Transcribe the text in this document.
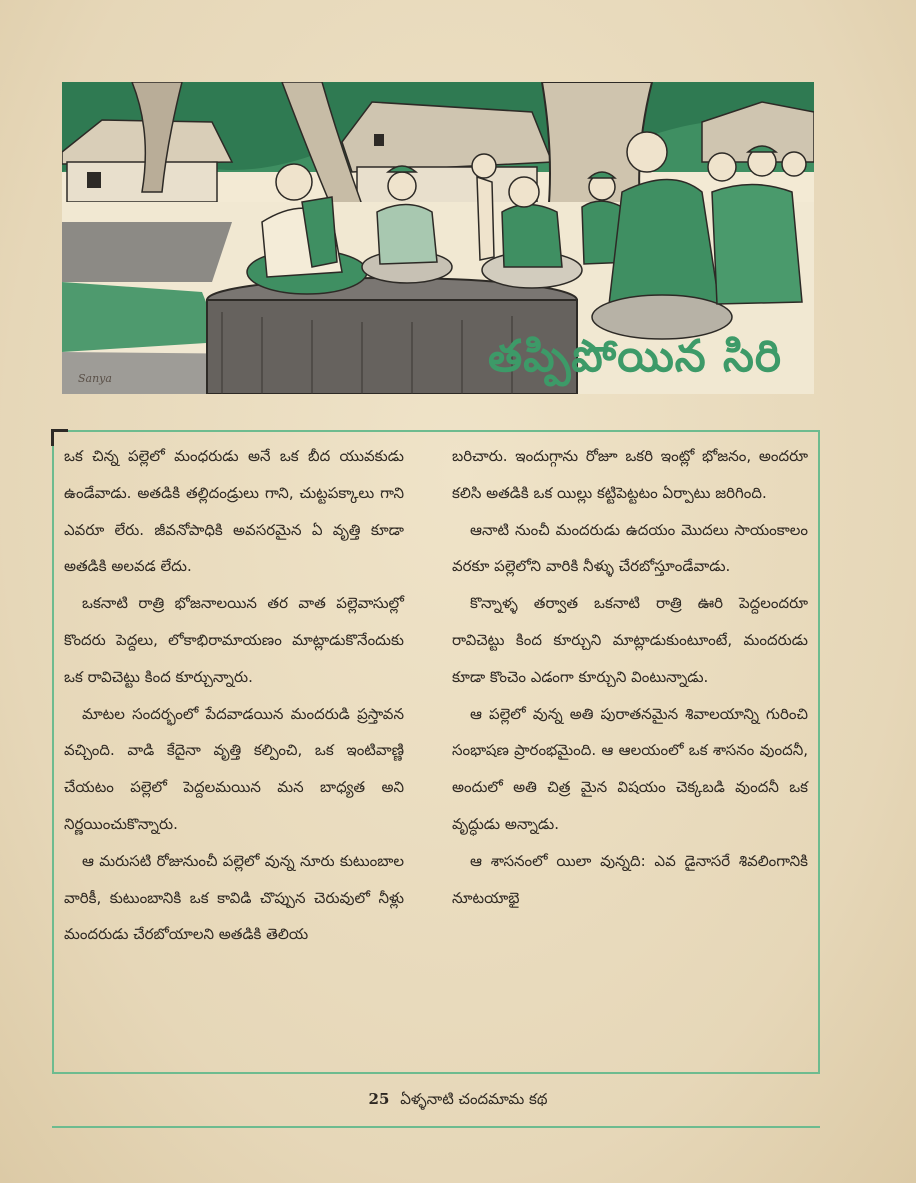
తప్పిపోయిన సిరి
Sanya

ఒక చిన్న పల్లెలో మంధరుడు అనే ఒక బీద యువకుడు ఉండేవాడు. అతడికి తల్లిదండ్రులు గాని, చుట్టపక్కాలు గాని ఎవరూ లేరు. జీవనోపాధికి అవసరమైన ఏ వృత్తి కూడా అతడికి అలవడ లేదు.

ఒకనాటి రాత్రి భోజనాలయిన తర వాత పల్లెవాసుల్లో కొందరు పెద్దలు, లోకాభిరామాయణం మాట్లాడుకొనేందుకు ఒక రావిచెట్టు కింద కూర్చున్నారు.

మాటల సందర్భంలో పేదవాడయిన మందరుడి ప్రస్తావన వచ్చింది. వాడి కేదైనా వృత్తి కల్పించి, ఒక ఇంటివాణ్ణి చేయటం పల్లెలో పెద్దలమయిన మన బాధ్యత అని నిర్ణయించుకొన్నారు.

ఆ మరుసటి రోజునుంచీ పల్లెలో వున్న నూరు కుటుంబాల వారికీ, కుటుంబానికి ఒక కావిడి చొప్పున చెరువులో నీళ్లు మందరుడు చేరబోయాలని అతడికి తెలియ

బరిచారు. ఇందుగ్గాను రోజూ ఒకరి ఇంట్లో భోజనం, అందరూ కలిసి అతడికి ఒక యిల్లు కట్టిపెట్టటం ఏర్పాటు జరిగింది.

ఆనాటి నుంచీ మందరుడు ఉదయం మొదలు సాయంకాలం వరకూ పల్లెలోని వారికి నీళ్ళు చేరబోస్తూండేవాడు.

కొన్నాళ్ళ తర్వాత ఒకనాటి రాత్రి ఊరి పెద్దలందరూ రావిచెట్టు కింద కూర్చుని మాట్లాడుకుంటూంటే, మందరుడు కూడా కొంచెం ఎడంగా కూర్చుని వింటున్నాడు.

ఆ పల్లెలో వున్న అతి పురాతనమైన శివాలయాన్ని గురించి సంభాషణ ప్రారంభమైంది. ఆ ఆలయంలో ఒక శాసనం వుందనీ, అందులో అతి చిత్ర మైన విషయం చెక్కబడి వుందనీ ఒక వృద్ధుడు అన్నాడు.

ఆ శాసనంలో యిలా వున్నది: ఎవ డైనాసరే శివలింగానికి నూటయాభై

25 ఏళ్ళనాటి చందమామ కథ
